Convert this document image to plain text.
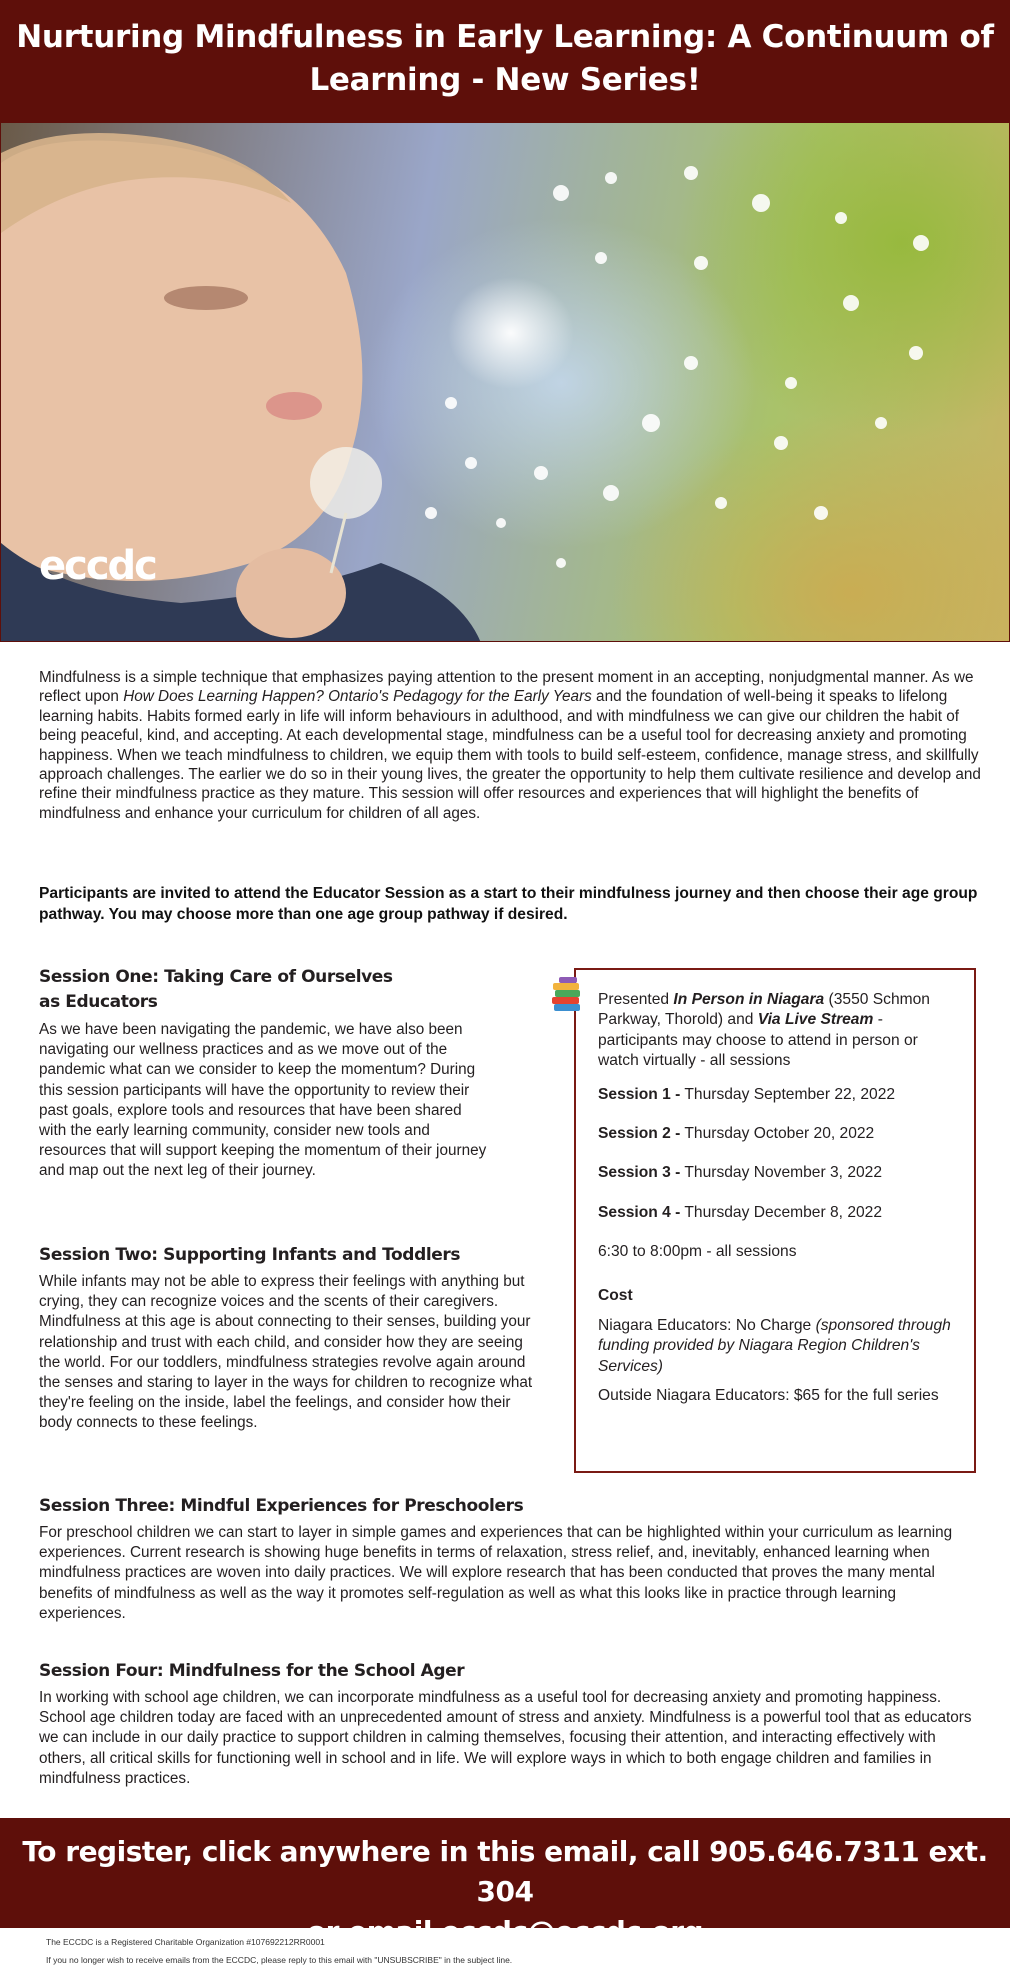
Nurturing Mindfulness in Early Learning: A Continuum of
Learning - New Series!
eccdc

Mindfulness is a simple technique that emphasizes paying attention to the present moment in an accepting, nonjudgmental manner. As we reflect upon How Does Learning Happen? Ontario's Pedagogy for the Early Years and the foundation of well-being it speaks to lifelong learning habits. Habits formed early in life will inform behaviours in adulthood, and with mindfulness we can give our children the habit of being peaceful, kind, and accepting. At each developmental stage, mindfulness can be a useful tool for decreasing anxiety and promoting happiness. When we teach mindfulness to children, we equip them with tools to build self-esteem, confidence, manage stress, and skillfully approach challenges. The earlier we do so in their young lives, the greater the opportunity to help them cultivate resilience and develop and refine their mindfulness practice as they mature. This session will offer resources and experiences that will highlight the benefits of mindfulness and enhance your curriculum for children of all ages.

Participants are invited to attend the Educator Session as a start to their mindfulness journey and then choose their age group pathway. You may choose more than one age group pathway if desired.

Session One: Taking Care of Ourselves as Educators

As we have been navigating the pandemic, we have also been navigating our wellness practices and as we move out of the pandemic what can we consider to keep the momentum? During this session participants will have the opportunity to review their past goals, explore tools and resources that have been shared with the early learning community, consider new tools and resources that will support keeping the momentum of their journey and map out the next leg of their journey.

Session Two: Supporting Infants and Toddlers

While infants may not be able to express their feelings with anything but crying, they can recognize voices and the scents of their caregivers. Mindfulness at this age is about connecting to their senses, building your relationship and trust with each child, and consider how they are seeing the world. For our toddlers, mindfulness strategies revolve again around the senses and staring to layer in the ways for children to recognize what they're feeling on the inside, label the feelings, and consider how their body connects to these feelings.

Session Three: Mindful Experiences for Preschoolers

For preschool children we can start to layer in simple games and experiences that can be highlighted within your curriculum as learning experiences. Current research is showing huge benefits in terms of relaxation, stress relief, and, inevitably, enhanced learning when mindfulness practices are woven into daily practices. We will explore research that has been conducted that proves the many mental benefits of mindfulness as well as the way it promotes self-regulation as well as what this looks like in practice through learning experiences.

Session Four: Mindfulness for the School Ager

In working with school age children, we can incorporate mindfulness as a useful tool for decreasing anxiety and promoting happiness. School age children today are faced with an unprecedented amount of stress and anxiety. Mindfulness is a powerful tool that as educators we can include in our daily practice to support children in calming themselves, focusing their attention, and interacting effectively with others, all critical skills for functioning well in school and in life. We will explore ways in which to both engage children and families in mindfulness practices.

Presented In Person in Niagara (3550 Schmon Parkway, Thorold) and Via Live Stream - participants may choose to attend in person or watch virtually - all sessions

Session 1 - Thursday September 22, 2022

Session 2 - Thursday October 20, 2022

Session 3 - Thursday November 3, 2022

Session 4 - Thursday December 8, 2022

6:30 to 8:00pm - all sessions

Cost

Niagara Educators: No Charge (sponsored through funding provided by Niagara Region Children's Services)

Outside Niagara Educators: $65 for the full series

To register, click anywhere in this email, call 905.646.7311 ext. 304
or email eccdc@eccdc.org

The ECCDC is a Registered Charitable Organization #107692212RR0001

If you no longer wish to receive emails from the ECCDC, please reply to this email with "UNSUBSCRIBE" in the subject line.
